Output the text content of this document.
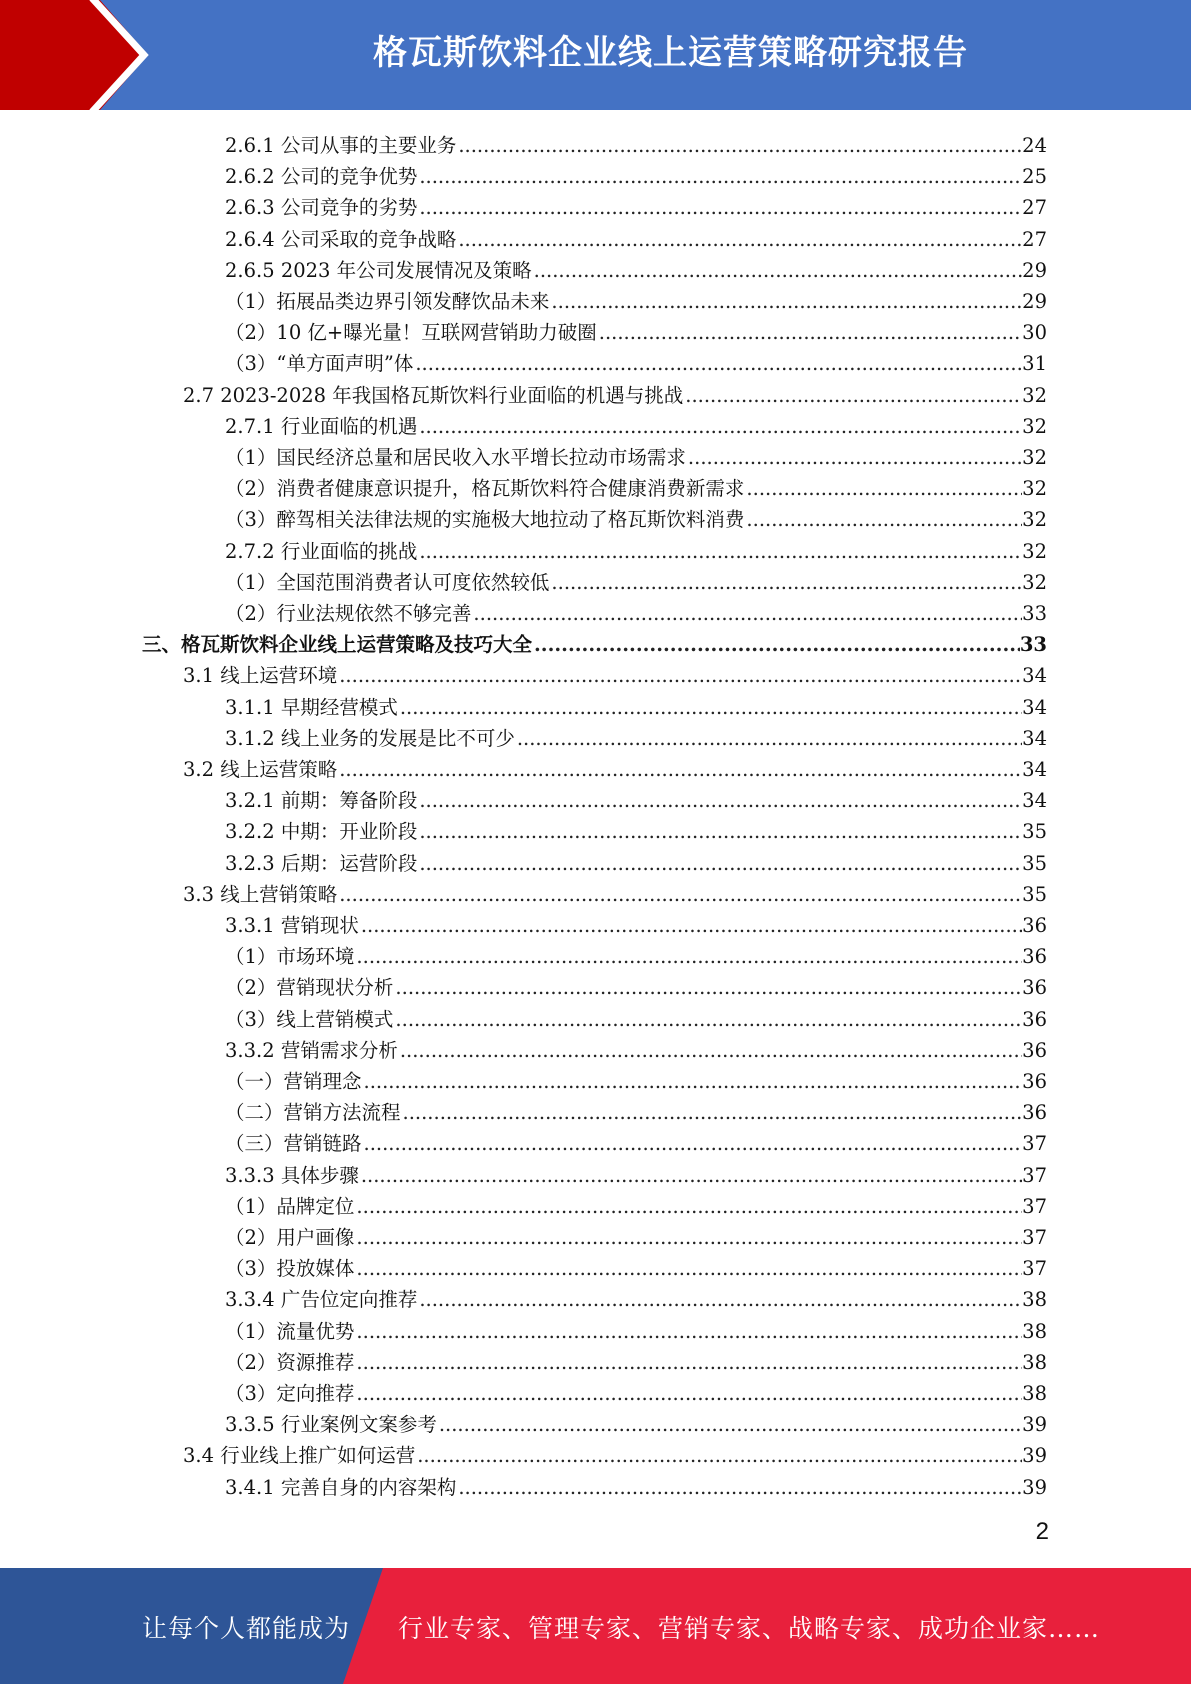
格瓦斯饮料企业线上运营策略研究报告
2.6.1 公司从事的主要业务 .....	24
2.6.2 公司的竞争优势 .....	25
2.6.3 公司竞争的劣势 .....	27
2.6.4 公司采取的竞争战略 .....	27
2.6.5 2023 年公司发展情况及策略 .....	29
（1）拓展品类边界引领发酵饮品未来 .....	29
（2）10 亿+曝光量！互联网营销助力破圈 .....	30
（3）“单方面声明”体 .....	31
2.7 2023-2028 年我国格瓦斯饮料行业面临的机遇与挑战 .....	32
2.7.1 行业面临的机遇 .....	32
（1）国民经济总量和居民收入水平增长拉动市场需求 .....	32
（2）消费者健康意识提升，格瓦斯饮料符合健康消费新需求 .....	32
（3）醉驾相关法律法规的实施极大地拉动了格瓦斯饮料消费 .....	32
2.7.2 行业面临的挑战 .....	32
（1）全国范围消费者认可度依然较低 .....	32
（2）行业法规依然不够完善 .....	33
三、格瓦斯饮料企业线上运营策略及技巧大全 .....	33
3.1 线上运营环境 .....	34
3.1.1 早期经营模式 .....	34
3.1.2 线上业务的发展是比不可少 .....	34
3.2 线上运营策略 .....	34
3.2.1 前期：筹备阶段 .....	34
3.2.2 中期：开业阶段 .....	35
3.2.3 后期：运营阶段 .....	35
3.3 线上营销策略 .....	35
3.3.1 营销现状 .....	36
（1）市场环境 .....	36
（2）营销现状分析 .....	36
（3）线上营销模式 .....	36
3.3.2 营销需求分析 .....	36
（一）营销理念 .....	36
（二）营销方法流程 .....	36
（三）营销链路 .....	37
3.3.3 具体步骤 .....	37
（1）品牌定位 .....	37
（2）用户画像 .....	37
（3）投放媒体 .....	37
3.3.4 广告位定向推荐 .....	38
（1）流量优势 .....	38
（2）资源推荐 .....	38
（3）定向推荐 .....	38
3.3.5 行业案例文案参考 .....	39
3.4 行业线上推广如何运营 .....	39
3.4.1 完善自身的内容架构 .....	39
2
让每个人都能成为 行业专家、管理专家、营销专家、战略专家、成功企业家……
